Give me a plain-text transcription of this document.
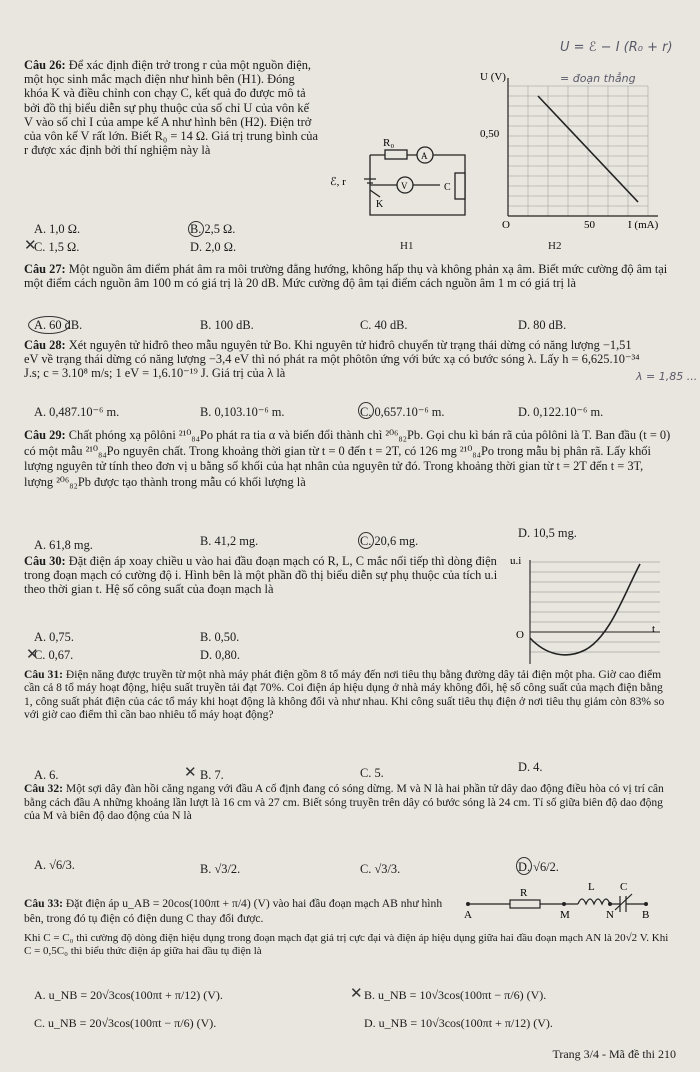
U = ℰ − I (R₀ + r)
= đoạn thẳng
Câu 26: Để xác định điện trở trong r của một nguồn điện, một học sinh mắc mạch điện như hình bên (H1). Đóng khóa K và điều chỉnh con chạy C, kết quả đo được mô tả bởi đồ thị biểu diễn sự phụ thuộc của số chỉ U của vôn kế V vào số chỉ I của ampe kế A như hình bên (H2). Điện trở của vôn kế V rất lớn. Biết R₀ = 14 Ω. Giá trị trung bình của r được xác định bởi thí nghiệm này là
A. 1,0 Ω.	B. 2,5 Ω.
C. 1,5 Ω.
✕	D. 2,0 Ω.
R₀
A
V	C
K
ℰ, r
H1
U (V)
I (mA)
0,50
50
O
H2
Câu 27: Một nguồn âm điểm phát âm ra môi trường đẳng hướng, không hấp thụ và không phản xạ âm. Biết mức cường độ âm tại một điểm cách nguồn âm 100 m có giá trị là 20 dB. Mức cường độ âm tại điểm cách nguồn âm 1 m có giá trị là
A. 60 dB.	B. 100 dB.	C. 40 dB.	D. 80 dB.
Câu 28: Xét nguyên tử hiđrô theo mẫu nguyên tử Bo. Khi nguyên tử hiđrô chuyển từ trạng thái dừng có năng lượng −1,51 eV về trạng thái dừng có năng lượng −3,4 eV thì nó phát ra một phôtôn ứng với bức xạ có bước sóng λ. Lấy h = 6,625.10⁻³⁴ J.s; c = 3.10⁸ m/s; 1 eV = 1,6.10⁻¹⁹ J. Giá trị của λ là	λ = 1,85 ...
A. 0,487.10⁻⁶ m.	B. 0,103.10⁻⁶ m.	C. 0,657.10⁻⁶ m.	D. 0,122.10⁻⁶ m.
Câu 29: Chất phóng xạ pôlôni ²¹⁰₈₄Po phát ra tia α và biến đổi thành chì ²⁰⁶₈₂Pb. Gọi chu kì bán rã của pôlôni là T. Ban đầu (t = 0) có một mẫu ²¹⁰₈₄Po nguyên chất. Trong khoảng thời gian từ t = 0 đến t = 2T, có 126 mg ²¹⁰₈₄Po trong mẫu bị phân rã. Lấy khối lượng nguyên tử tính theo đơn vị u bằng số khối của hạt nhân của nguyên tử đó. Trong khoảng thời gian từ t = 2T đến t = 3T, lượng ²⁰⁶₈₂Pb được tạo thành trong mẫu có khối lượng là
A. 61,8 mg.	B. 41,2 mg.	C. 20,6 mg.
D. 10,5 mg.
Câu 30: Đặt điện áp xoay chiều u vào hai đầu đoạn mạch có R, L, C mắc nối tiếp thì dòng điện trong đoạn mạch có cường độ i. Hình bên là một phần đồ thị biểu diễn sự phụ thuộc của tích u.i theo thời gian t. Hệ số công suất của đoạn mạch là
A. 0,75.	B. 0,50.
C. 0,67.
✕	D. 0,80.
u.i
t
O
Câu 31: Điện năng được truyền từ một nhà máy phát điện gồm 8 tổ máy đến nơi tiêu thụ bằng đường dây tải điện một pha. Giờ cao điểm cần cả 8 tổ máy hoạt động, hiệu suất truyền tải đạt 70%. Coi điện áp hiệu dụng ở nhà máy không đổi, hệ số công suất của mạch điện bằng 1, công suất phát điện của các tổ máy khi hoạt động là không đổi và như nhau. Khi công suất tiêu thụ điện ở nơi tiêu thụ giảm còn 83% so với giờ cao điểm thì cần bao nhiêu tổ máy hoạt động?
A. 6.	B. 7.
✕	C. 5.	D. 4.
Câu 32: Một sợi dây đàn hồi căng ngang với đầu A cố định đang có sóng dừng. M và N là hai phần tử dây dao động điều hòa có vị trí cân bằng cách đầu A những khoảng lần lượt là 16 cm và 27 cm. Biết sóng truyền trên dây có bước sóng là 24 cm. Tỉ số giữa biên độ dao động của M và biên độ dao động của N là
A. √6/3.	B. √3/2.	C. √3/3.	D. √6/2.
Câu 33: Đặt điện áp u_AB = 20cos(100πt + π/4) (V) vào hai đầu đoạn mạch AB như hình bên, trong đó tụ điện có điện dung C thay đổi được.
Khi C = C₀ thì cường độ dòng điện hiệu dụng trong đoạn mạch đạt giá trị cực đại và điện áp hiệu dụng giữa hai đầu đoạn mạch AN là 20√2 V. Khi C = 0,5C₀ thì biểu thức điện áp giữa hai đầu tụ điện là
R	L C
A	M	N	B
A. u_NB = 20√3cos(100πt + π/12) (V).	B. u_NB = 10√3cos(100πt − π/6) (V).
✕
C. u_NB = 20√3cos(100πt − π/6) (V).	D. u_NB = 10√3cos(100πt + π/12) (V).
Trang 3/4 - Mã đề thi 210
